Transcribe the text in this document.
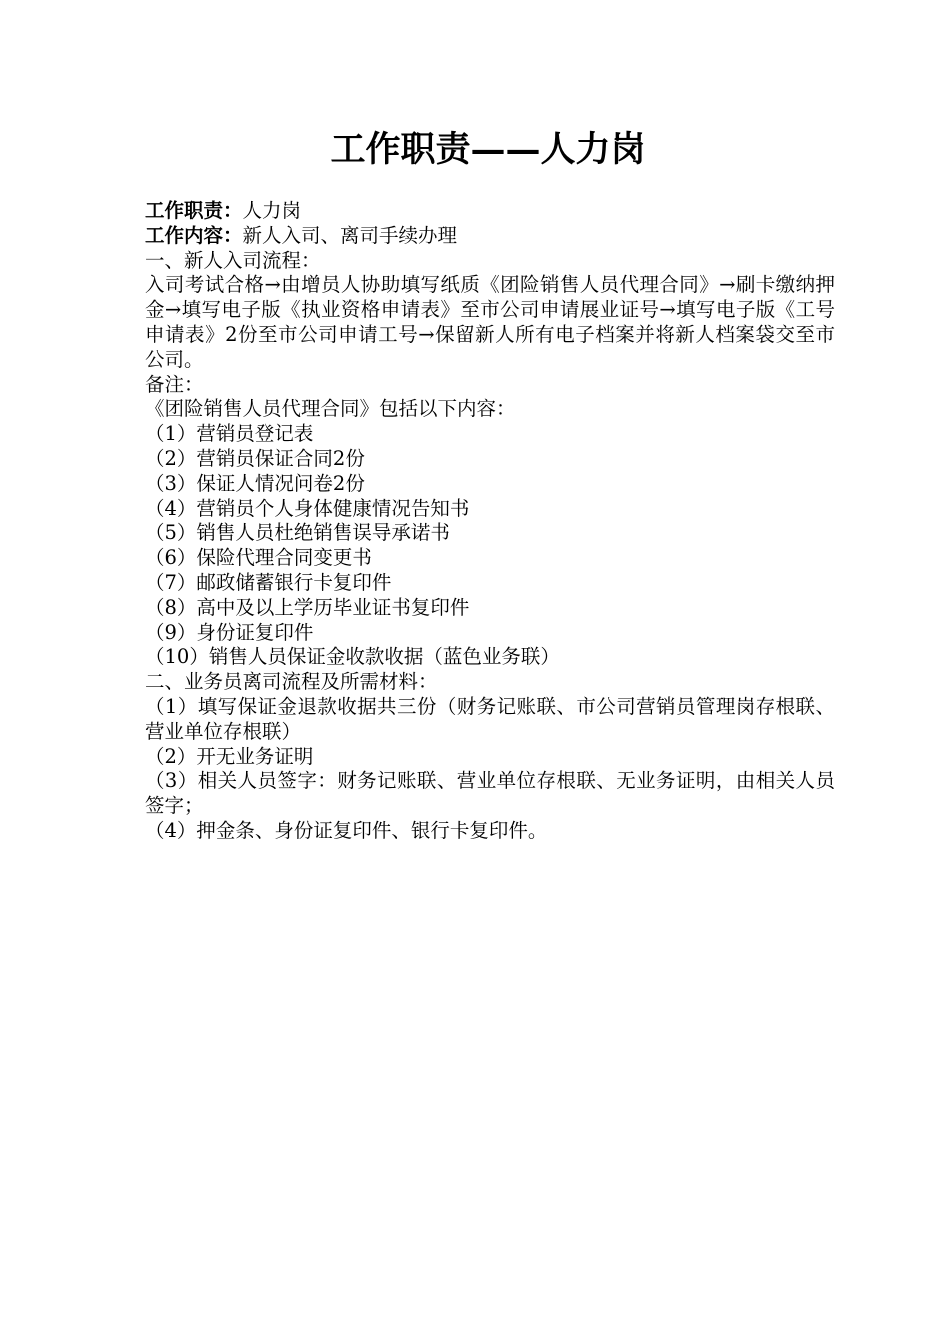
工作职责——人力岗
工作职责：人力岗
工作内容：新人入司、离司手续办理
一、新人入司流程：
入司考试合格→由增员人协助填写纸质《团险销售人员代理合同》→刷卡缴纳押金→填写电子版《执业资格申请表》至市公司申请展业证号→填写电子版《工号申请表》2份至市公司申请工号→保留新人所有电子档案并将新人档案袋交至市公司。
备注：
《团险销售人员代理合同》包括以下内容：
（1）营销员登记表
（2）营销员保证合同2份
（3）保证人情况问卷2份
（4）营销员个人身体健康情况告知书
（5）销售人员杜绝销售误导承诺书
（6）保险代理合同变更书
（7）邮政储蓄银行卡复印件
（8）高中及以上学历毕业证书复印件
（9）身份证复印件
（10）销售人员保证金收款收据（蓝色业务联）
二、业务员离司流程及所需材料：
（1）填写保证金退款收据共三份（财务记账联、市公司营销员管理岗存根联、营业单位存根联）
（2）开无业务证明
（3）相关人员签字：财务记账联、营业单位存根联、无业务证明，由相关人员签字；
（4）押金条、身份证复印件、银行卡复印件。
